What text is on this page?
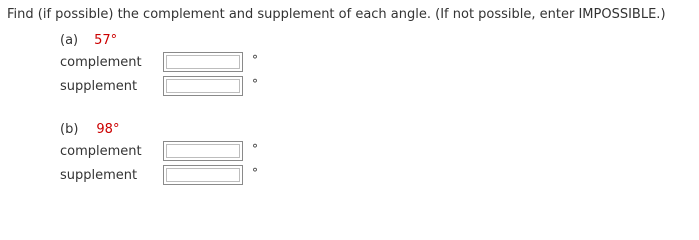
Find (if possible) the complement and supplement of each angle. (If not possible, enter IMPOSSIBLE.)
(a) 57°
complement	°
supplement	°
(b) 98°
complement	°
supplement	°
